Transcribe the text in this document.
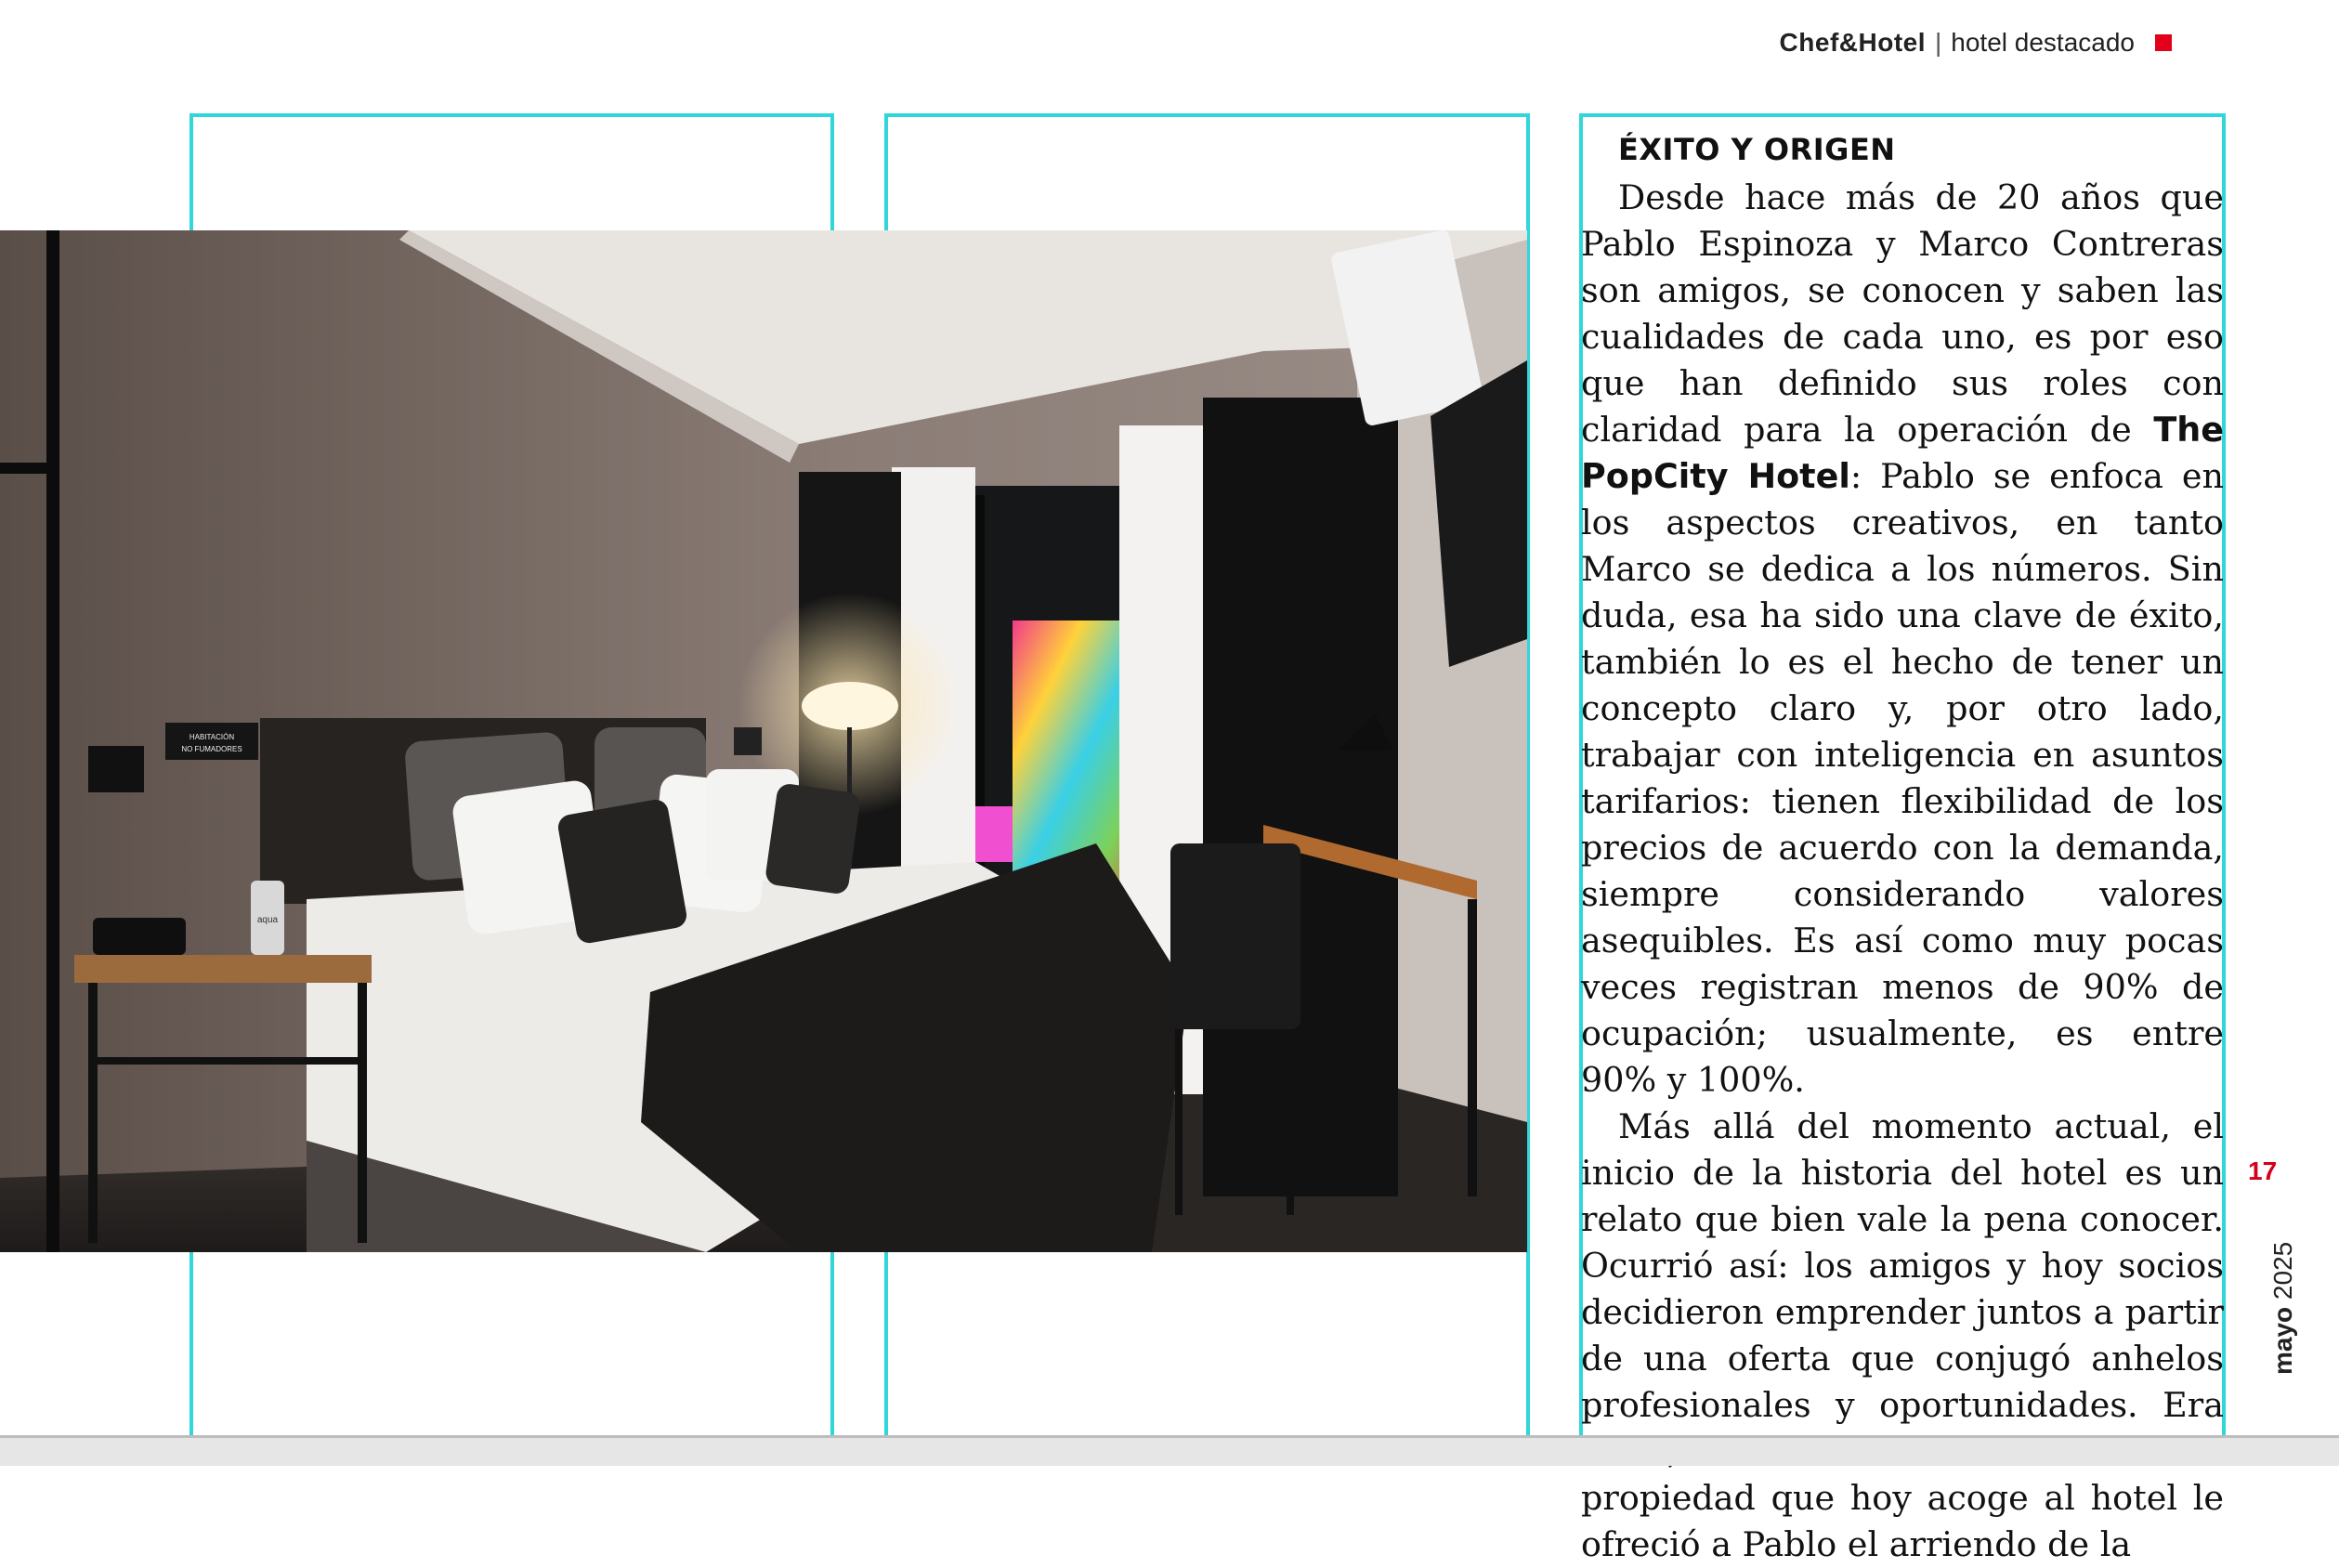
Chef&Hotel | hotel destacado
HABITACIÓN
NO FUMADORES
aqua
ÉXITO Y ORIGEN

Desde hace más de 20 años que Pablo Espinoza y Marco Contreras son amigos, se conocen y saben las cualidades de cada uno, es por eso que han definido sus roles con claridad para la operación de The PopCity Hotel: Pablo se enfoca en los aspectos creativos, en tanto Marco se dedica a los números. Sin duda, esa ha sido una clave de éxito, también lo es el hecho de tener un concepto claro y, por otro lado, trabajar con inteligencia en asuntos tarifarios: tienen flexibilidad de los precios de acuerdo con la demanda, siempre considerando valores asequibles. Es así como muy pocas veces registran menos de 90% de ocupación; usualmente, es entre 90% y 100%.

Más allá del momento actual, el inicio de la historia del hotel es un relato que bien vale la pena conocer. Ocurrió así: los amigos y hoy socios decidieron emprender juntos a partir de una oferta que conjugó anhelos profesionales y oportunidades. Era propiedad que hoy acoge al hotel le ofreció a Pablo el arriendo de la

17
mayo 2025
